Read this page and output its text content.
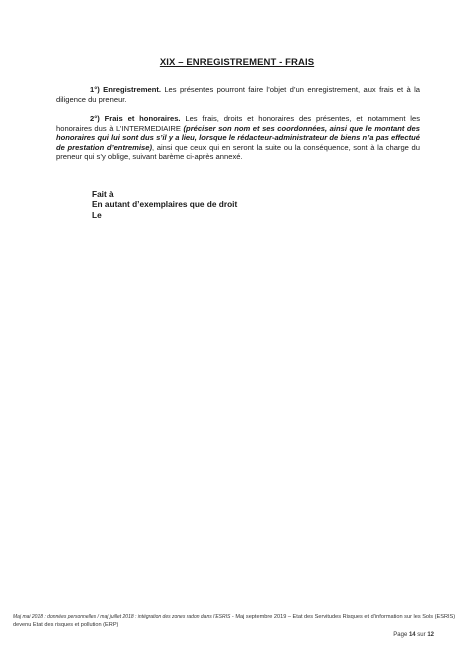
XIX – ENREGISTREMENT - FRAIS

1°) Enregistrement. Les présentes pourront faire l’objet d’un enregistrement, aux frais et à la diligence du preneur.

2°) Frais et honoraires. Les frais, droits et honoraires des présentes, et notamment les honoraires dus à L’INTERMEDIAIRE (préciser son nom et ses coordonnées, ainsi que le montant des honoraires qui lui sont dus s’il y a lieu, lorsque le rédacteur-administrateur de biens n’a pas effectué de prestation d’entremise), ainsi que ceux qui en seront la suite ou la conséquence, sont à la charge du preneur qui s’y oblige, suivant barème ci-après annexé.

Fait à
En autant d’exemplaires que de droit
Le
Maj mai 2018 : données personnelles / maj juillet 2018 : intégration des zones radon dans l’ESRIS - Maj septembre 2019 – Etat des Servitudes Risques et d’information sur les Sols (ESRIS) devenu Etat des risques et pollution (ERP)
Page 14 sur 12
